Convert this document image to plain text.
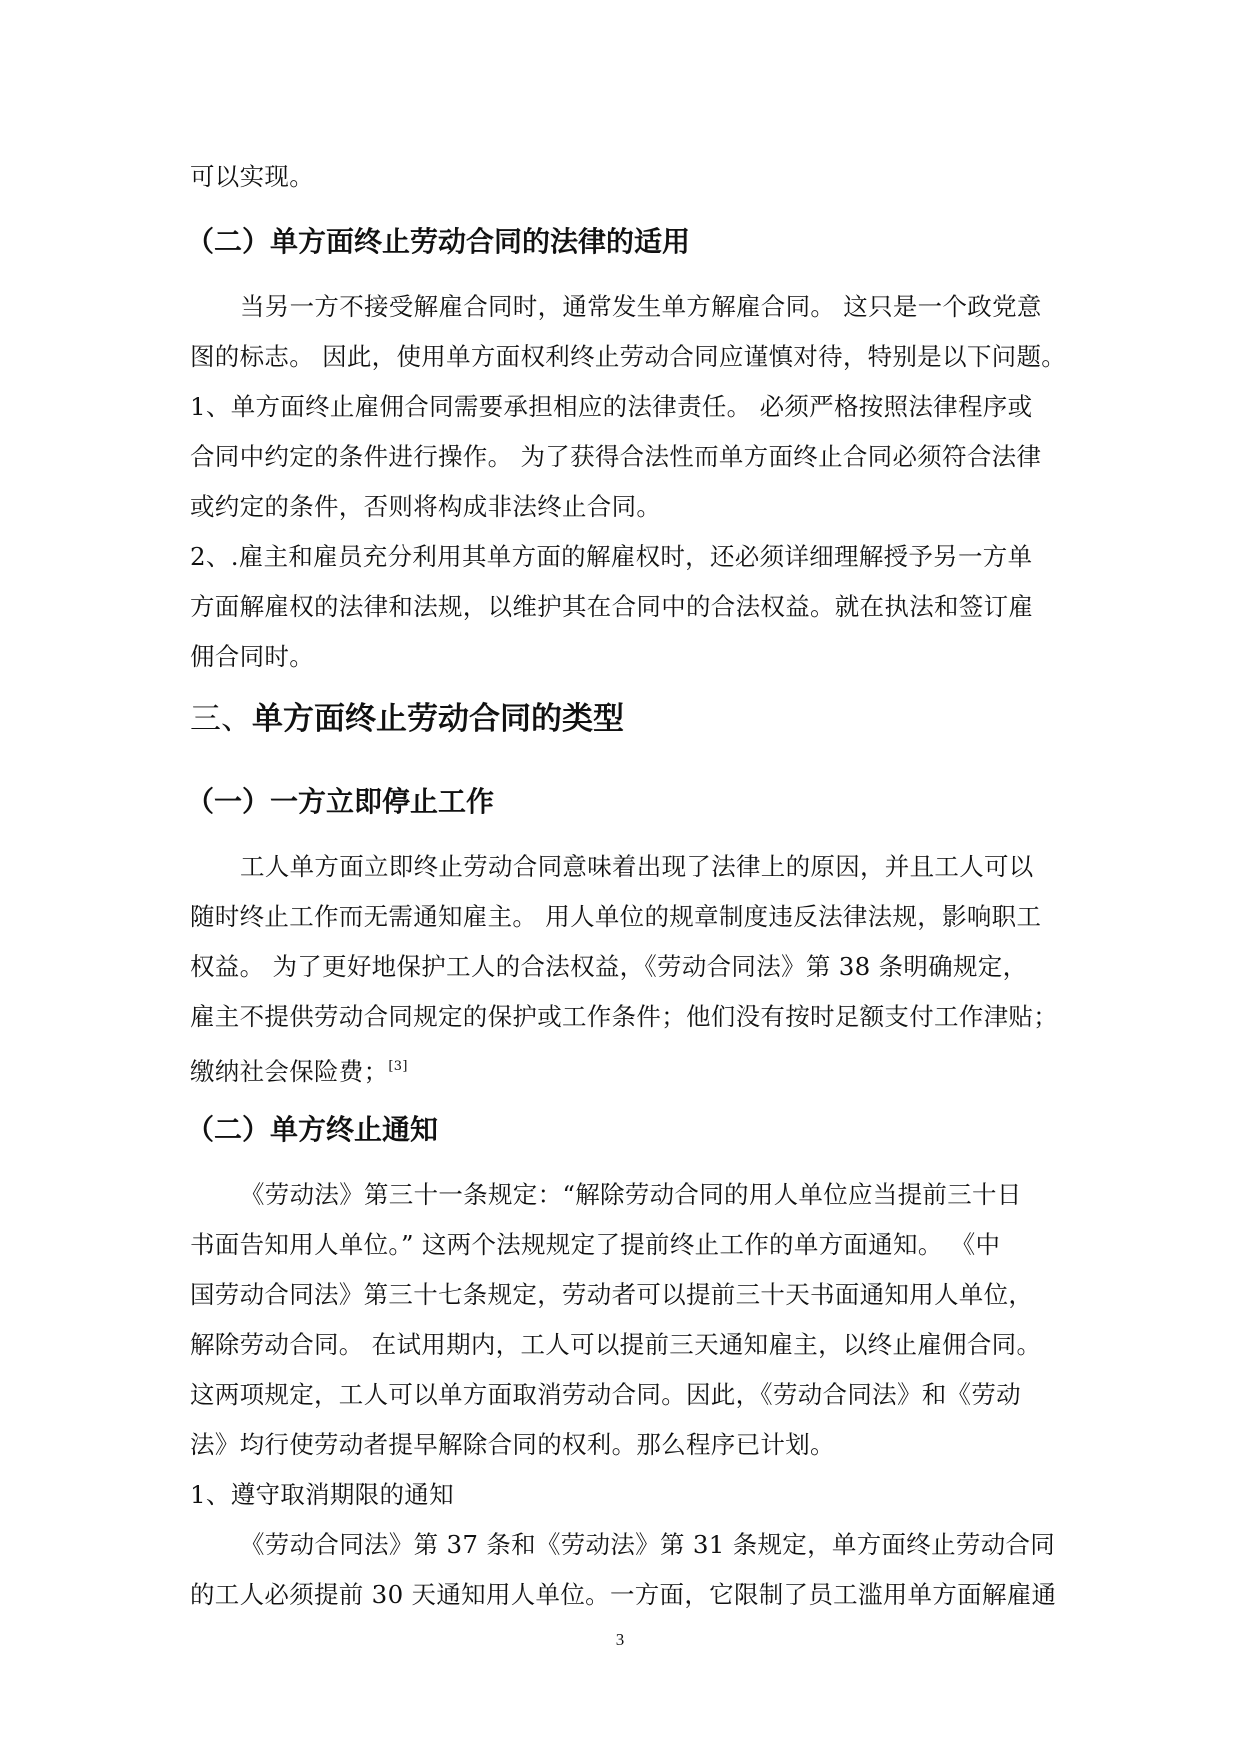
可以实现。
（二）单方面终止劳动合同的法律的适用
当另一方不接受解雇合同时，通常发生单方解雇合同。 这只是一个政党意
图的标志。 因此，使用单方面权利终止劳动合同应谨慎对待，特别是以下问题。
1、单方面终止雇佣合同需要承担相应的法律责任。 必须严格按照法律程序或
合同中约定的条件进行操作。 为了获得合法性而单方面终止合同必须符合法律
或约定的条件，否则将构成非法终止合同。
2、.雇主和雇员充分利用其单方面的解雇权时，还必须详细理解授予另一方单
方面解雇权的法律和法规，以维护其在合同中的合法权益。就在执法和签订雇
佣合同时。
三、单方面终止劳动合同的类型
（一）一方立即停止工作
工人单方面立即终止劳动合同意味着出现了法律上的原因，并且工人可以
随时终止工作而无需通知雇主。 用人单位的规章制度违反法律法规，影响职工
权益。 为了更好地保护工人的合法权益，《劳动合同法》第 38 条明确规定，
雇主不提供劳动合同规定的保护或工作条件；他们没有按时足额支付工作津贴；
缴纳社会保险费；[3]
（二）单方终止通知
《劳动法》第三十一条规定：“解除劳动合同的用人单位应当提前三十日
书面告知用人单位。” 这两个法规规定了提前终止工作的单方面通知。 《中
国劳动合同法》第三十七条规定，劳动者可以提前三十天书面通知用人单位，
解除劳动合同。 在试用期内，工人可以提前三天通知雇主，以终止雇佣合同。
这两项规定，工人可以单方面取消劳动合同。因此，《劳动合同法》和《劳动
法》均行使劳动者提早解除合同的权利。那么程序已计划。
1、遵守取消期限的通知
《劳动合同法》第 37 条和《劳动法》第 31 条规定，单方面终止劳动合同
的工人必须提前 30 天通知用人单位。一方面，它限制了员工滥用单方面解雇通
3
